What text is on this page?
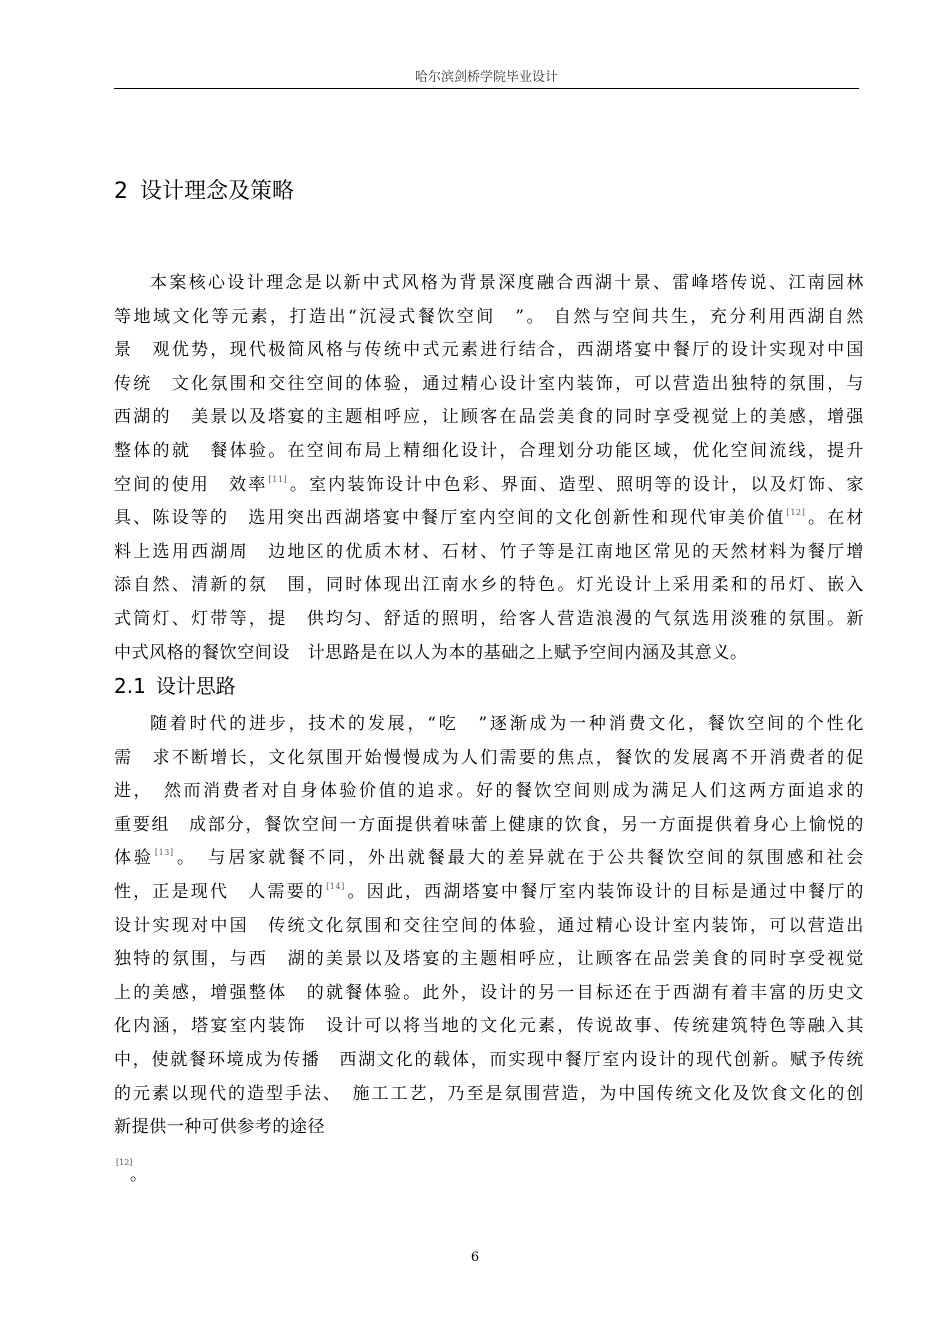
哈尔滨剑桥学院毕业设计
2 设计理念及策略
本案核心设计理念是以新中式风格为背景深度融合西湖十景、雷峰塔传说、江南园林
等地域文化等元素，打造出“沉浸式餐饮空间　”。 自然与空间共生，充分利用西湖自然
景　观优势，现代极简风格与传统中式元素进行结合，西湖塔宴中餐厅的设计实现对中国
传统　文化氛围和交往空间的体验，通过精心设计室内装饰，可以营造出独特的氛围，与
西湖的　美景以及塔宴的主题相呼应，让顾客在品尝美食的同时享受视觉上的美感，增强
整体的就　餐体验。在空间布局上精细化设计，合理划分功能区域，优化空间流线，提升
空间的使用　效率[11]。室内装饰设计中色彩、界面、造型、照明等的设计，以及灯饰、家
具、陈设等的　选用突出西湖塔宴中餐厅室内空间的文化创新性和现代审美价值[12]。在材
料上选用西湖周　边地区的优质木材、石材、竹子等是江南地区常见的天然材料为餐厅增
添自然、清新的氛　围，同时体现出江南水乡的特色。灯光设计上采用柔和的吊灯、嵌入
式筒灯、灯带等，提　供均匀、舒适的照明，给客人营造浪漫的气氛选用淡雅的氛围。新
中式风格的餐饮空间设　计思路是在以人为本的基础之上赋予空间内涵及其意义。
2.1 设计思路
随着时代的进步，技术的发展，“吃　”逐渐成为一种消费文化，餐饮空间的个性化
需　求不断增长，文化氛围开始慢慢成为人们需要的焦点，餐饮的发展离不开消费者的促
进，　然而消费者对自身体验价值的追求。好的餐饮空间则成为满足人们这两方面追求的
重要组　成部分，餐饮空间一方面提供着味蕾上健康的饮食，另一方面提供着身心上愉悦的
体验[13]。　与居家就餐不同，外出就餐最大的差异就在于公共餐饮空间的氛围感和社会
性，正是现代　人需要的[14]。因此，西湖塔宴中餐厅室内装饰设计的目标是通过中餐厅的
设计实现对中国　传统文化氛围和交往空间的体验，通过精心设计室内装饰，可以营造出
独特的氛围，与西　湖的美景以及塔宴的主题相呼应，让顾客在品尝美食的同时享受视觉
上的美感，增强整体　的就餐体验。此外，设计的另一目标还在于西湖有着丰富的历史文
化内涵，塔宴室内装饰　设计可以将当地的文化元素，传说故事、传统建筑特色等融入其
中，使就餐环境成为传播　西湖文化的载体，而实现中餐厅室内设计的现代创新。赋予传统
的元素以现代的造型手法、　施工工艺，乃至是氛围营造，为中国传统文化及饮食文化的创
新提供一种可供参考的途径
[12]
。
6
